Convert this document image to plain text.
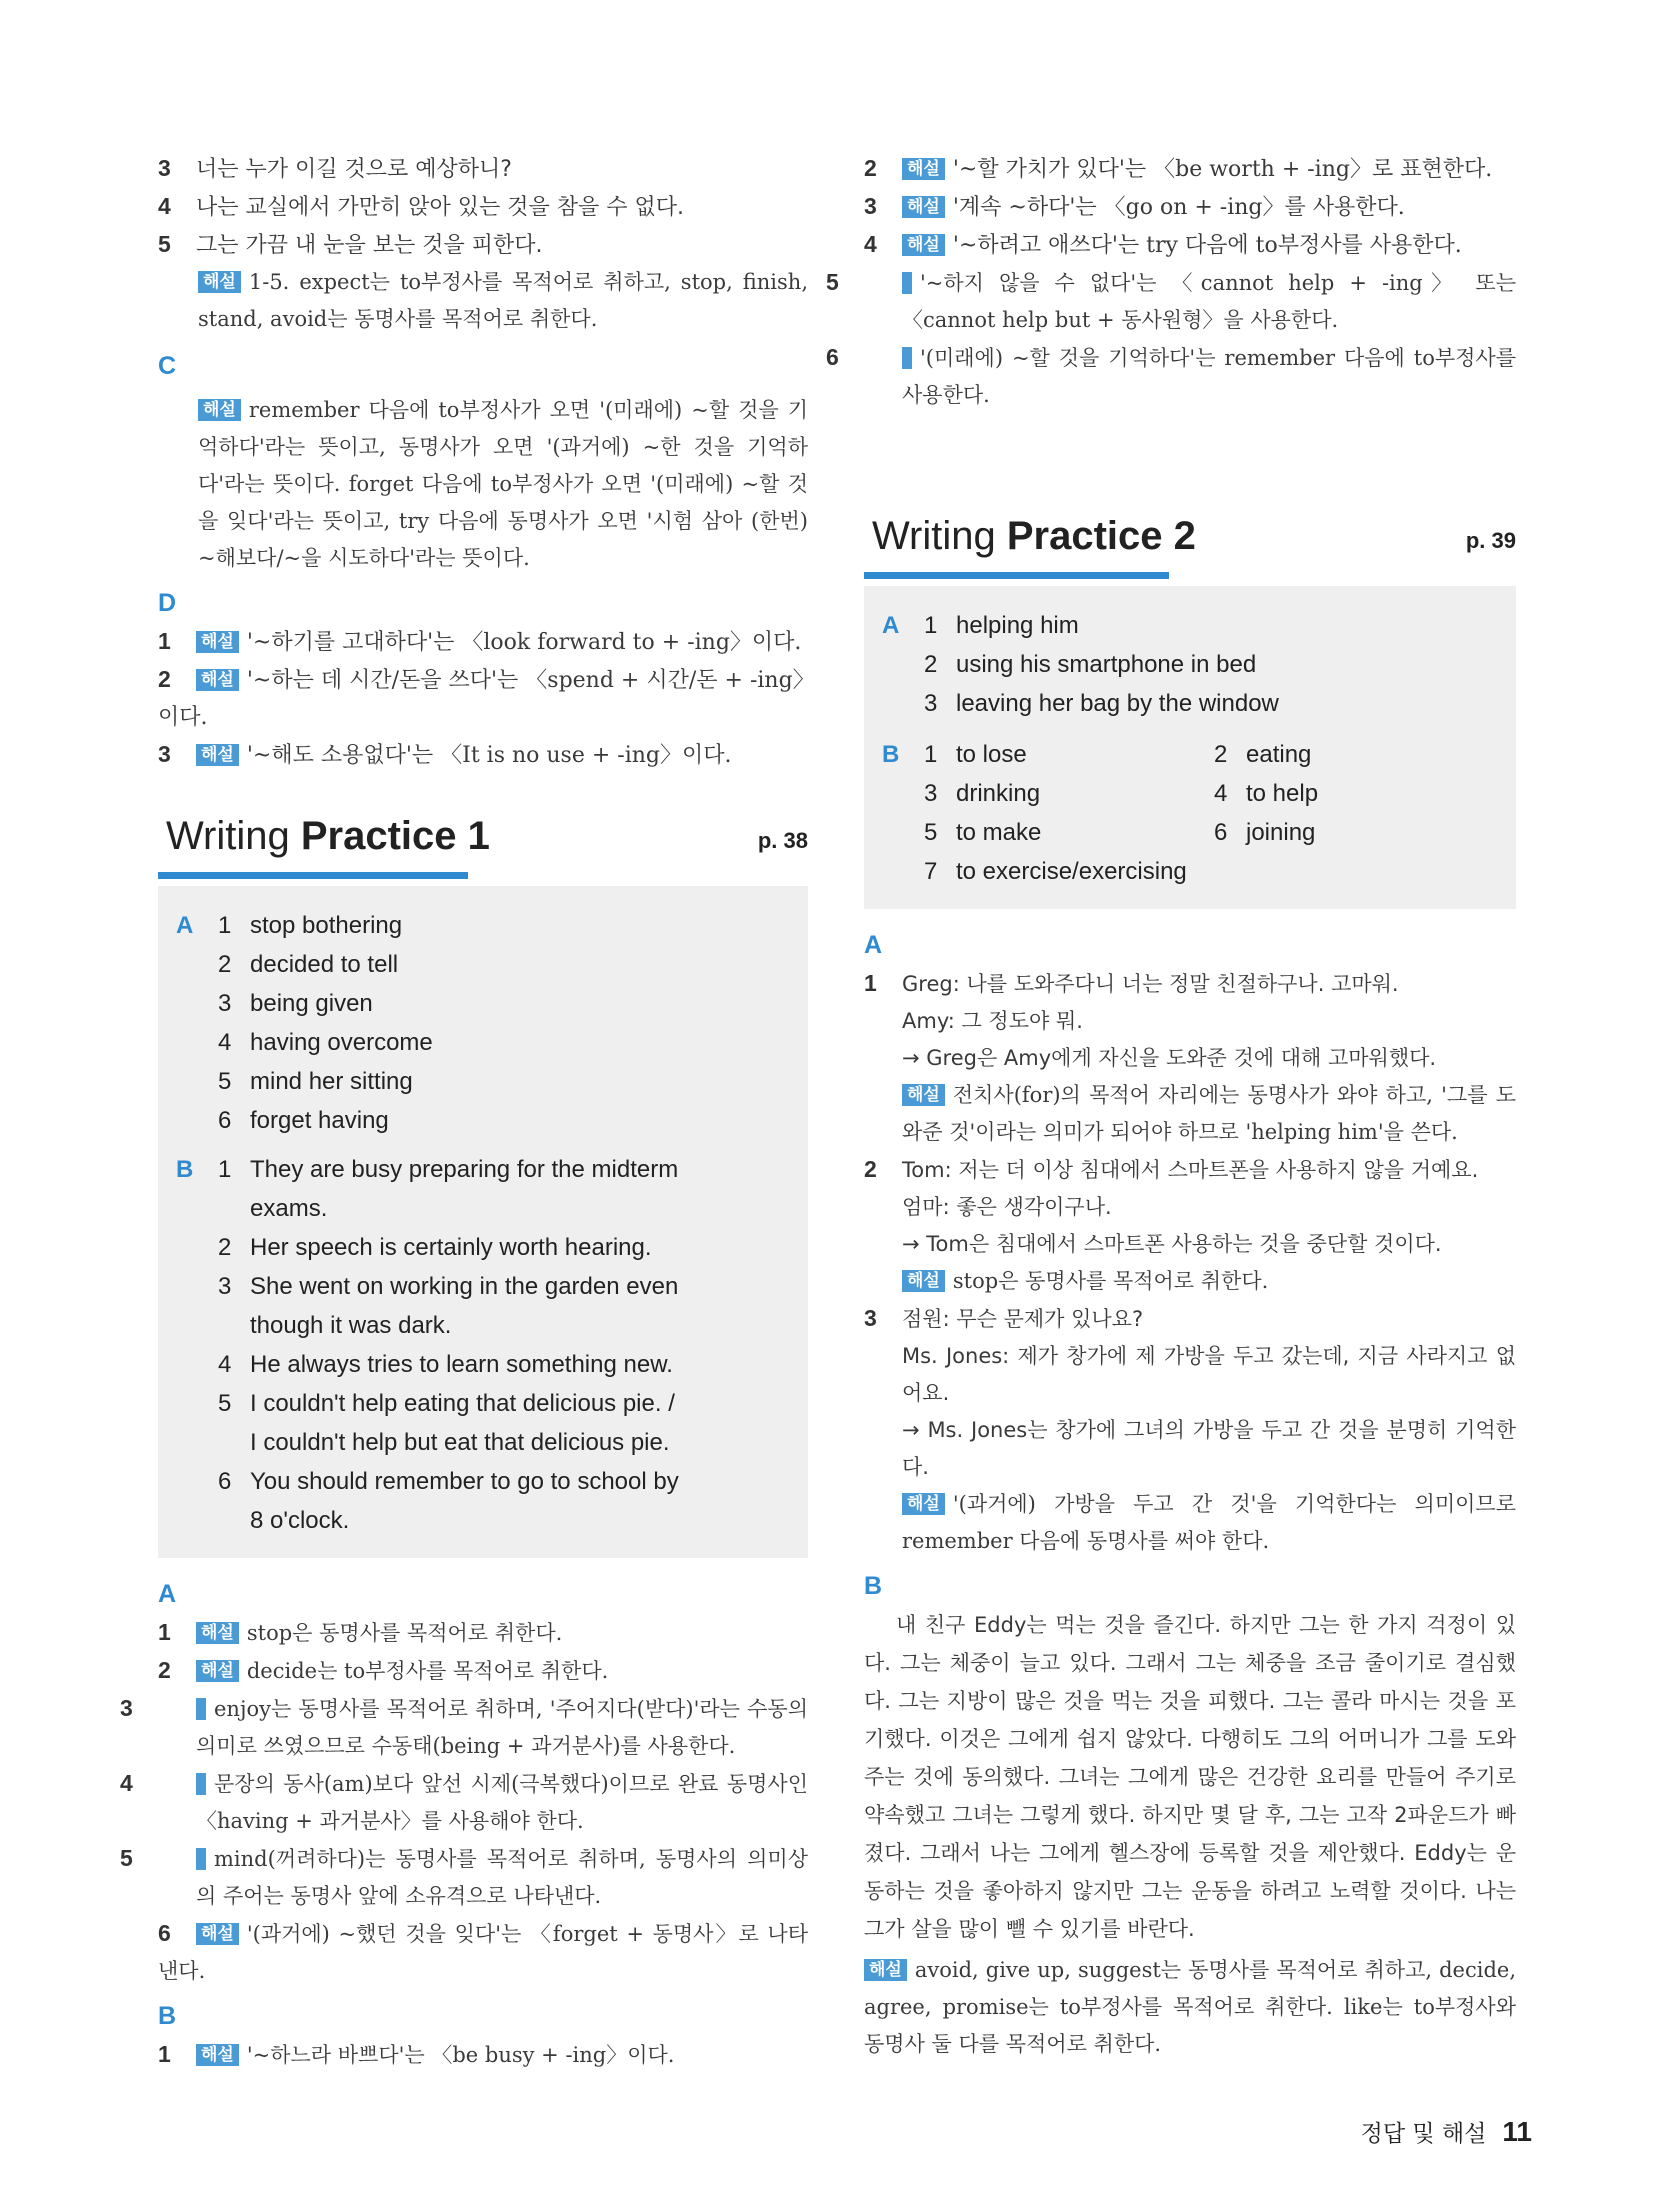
3 너는 누가 이길 것으로 예상하니?
4 나는 교실에서 가만히 앉아 있는 것을 참을 수 없다.
5 그는 가끔 내 눈을 보는 것을 피한다.
해설 1-5. expect는 to부정사를 목적어로 취하고, stop, finish, stand, avoid는 동명사를 목적어로 취한다.
C
해설 remember 다음에 to부정사가 오면 '(미래에) ~할 것을 기억하다'라는 뜻이고, 동명사가 오면 '(과거에) ~한 것을 기억하다'라는 뜻이다. forget 다음에 to부정사가 오면 '(미래에) ~할 것을 잊다'라는 뜻이고, try 다음에 동명사가 오면 '시험 삼아 (한번) ~해보다/~을 시도하다'라는 뜻이다.
D
1 해설 '~하기를 고대하다'는 〈look forward to + -ing〉이다.
2 해설 '~하는 데 시간/돈을 쓰다'는 〈spend + 시간/돈 + -ing〉이다.
3 해설 '~해도 소용없다'는 〈It is no use + -ing〉이다.
Writing Practice 1	p. 38
A 1 stop bothering
2 decided to tell
3 being given
4 having overcome
5 mind her sitting
6 forget having
B 1 They are busy preparing for the midterm
exams.
2 Her speech is certainly worth hearing.
3 She went on working in the garden even
though it was dark.
4 He always tries to learn something new.
5 I couldn't help eating that delicious pie. /
I couldn't help but eat that delicious pie.
6 You should remember to go to school by
8 o'clock.
A
1 해설 stop은 동명사를 목적어로 취한다.
2 해설 decide는 to부정사를 목적어로 취한다.
3 해설 enjoy는 동명사를 목적어로 취하며, '주어지다(받다)'라는 수동의 의미로 쓰였으므로 수동태(being + 과거분사)를 사용한다.
4 해설 문장의 동사(am)보다 앞선 시제(극복했다)이므로 완료 동명사인 〈having + 과거분사〉를 사용해야 한다.
5 해설 mind(꺼려하다)는 동명사를 목적어로 취하며, 동명사의 의미상의 주어는 동명사 앞에 소유격으로 나타낸다.
6 해설 '(과거에) ~했던 것을 잊다'는 〈forget + 동명사〉로 나타낸다.
B
1 해설 '~하느라 바쁘다'는 〈be busy + -ing〉이다.
2 해설 '~할 가치가 있다'는 〈be worth + -ing〉로 표현한다.
3 해설 '계속 ~하다'는 〈go on + -ing〉를 사용한다.
4 해설 '~하려고 애쓰다'는 try 다음에 to부정사를 사용한다.
5 해설 '~하지 않을 수 없다'는 〈cannot help + -ing〉 또는 〈cannot help but + 동사원형〉을 사용한다.
6 해설 '(미래에) ~할 것을 기억하다'는 remember 다음에 to부정사를 사용한다.
Writing Practice 2	p. 39
A 1 helping him
2 using his smartphone in bed
3 leaving her bag by the window
B 1 to lose	2 eating
3 drinking	4 to help
5 to make	6 joining
7 to exercise/exercising
A
1 Greg: 나를 도와주다니 너는 정말 친절하구나. 고마워.
Amy: 그 정도야 뭐.
→ Greg은 Amy에게 자신을 도와준 것에 대해 고마워했다.
해설 전치사(for)의 목적어 자리에는 동명사가 와야 하고, '그를 도와준 것'이라는 의미가 되어야 하므로 'helping him'을 쓴다.
2 Tom: 저는 더 이상 침대에서 스마트폰을 사용하지 않을 거예요.
엄마: 좋은 생각이구나.
→ Tom은 침대에서 스마트폰 사용하는 것을 중단할 것이다.
해설 stop은 동명사를 목적어로 취한다.
3 점원: 무슨 문제가 있나요?
Ms. Jones: 제가 창가에 제 가방을 두고 갔는데, 지금 사라지고 없어요.
→ Ms. Jones는 창가에 그녀의 가방을 두고 간 것을 분명히 기억한다.
해설 '(과거에) 가방을 두고 간 것'을 기억한다는 의미이므로 remember 다음에 동명사를 써야 한다.
B
내 친구 Eddy는 먹는 것을 즐긴다. 하지만 그는 한 가지 걱정이 있다. 그는 체중이 늘고 있다. 그래서 그는 체중을 조금 줄이기로 결심했다. 그는 지방이 많은 것을 먹는 것을 피했다. 그는 콜라 마시는 것을 포기했다. 이것은 그에게 쉽지 않았다. 다행히도 그의 어머니가 그를 도와주는 것에 동의했다. 그녀는 그에게 많은 건강한 요리를 만들어 주기로 약속했고 그녀는 그렇게 했다. 하지만 몇 달 후, 그는 고작 2파운드가 빠졌다. 그래서 나는 그에게 헬스장에 등록할 것을 제안했다. Eddy는 운동하는 것을 좋아하지 않지만 그는 운동을 하려고 노력할 것이다. 나는 그가 살을 많이 뺄 수 있기를 바란다.
해설 avoid, give up, suggest는 동명사를 목적어로 취하고, decide, agree, promise는 to부정사를 목적어로 취한다. like는 to부정사와 동명사 둘 다를 목적어로 취한다.
정답 및 해설 11
